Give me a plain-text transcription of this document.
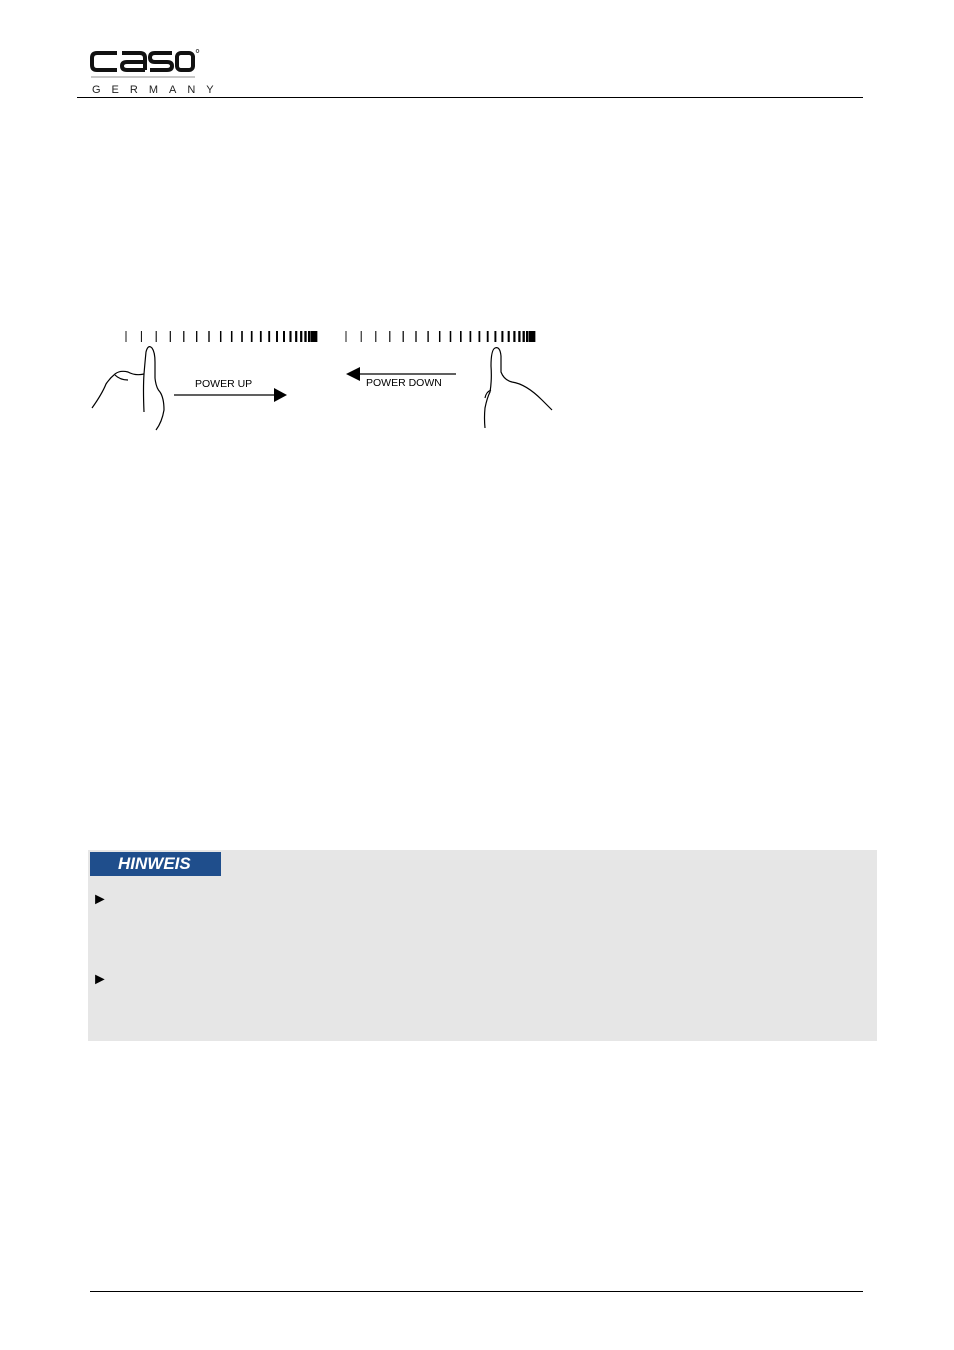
GERMANY
POWER UP	POWER DOWN
HINWEIS
►
►
